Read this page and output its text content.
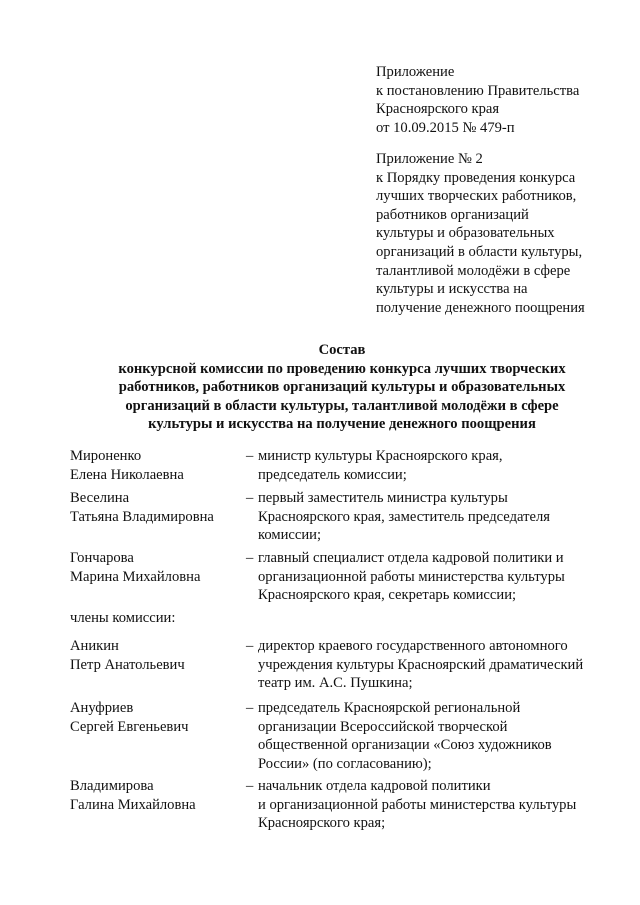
Приложение
к постановлению Правительства
Красноярского края
от 10.09.2015 № 479-п
Приложение № 2
к Порядку проведения конкурса
лучших творческих работников,
работников организаций
культуры и образовательных
организаций в области культуры,
талантливой молодёжи в сфере
культуры и искусства на
получение денежного поощрения
Состав
конкурсной комиссии по проведению конкурса лучших творческих
работников, работников организаций культуры и образовательных
организаций в области культуры, талантливой молодёжи в сфере
культуры и искусства на получение денежного поощрения
Мироненко
Елена Николаевна
– министр культуры Красноярского края,
председатель комиссии;
Веселина
Татьяна Владимировна
– первый заместитель министра культуры
Красноярского края, заместитель председателя
комиссии;
Гончарова
Марина Михайловна
– главный специалист отдела кадровой политики и
организационной работы министерства культуры
Красноярского края, секретарь комиссии;
члены комиссии:
Аникин
Петр Анатольевич
– директор краевого государственного автономного
учреждения культуры Красноярский драматический
театр им. А.С. Пушкина;
Ануфриев
Сергей Евгеньевич
– председатель Красноярской региональной
организации Всероссийской творческой
общественной организации «Союз художников
России» (по согласованию);
Владимирова
Галина Михайловна
– начальник отдела кадровой политики
и организационной работы министерства культуры
Красноярского края;
